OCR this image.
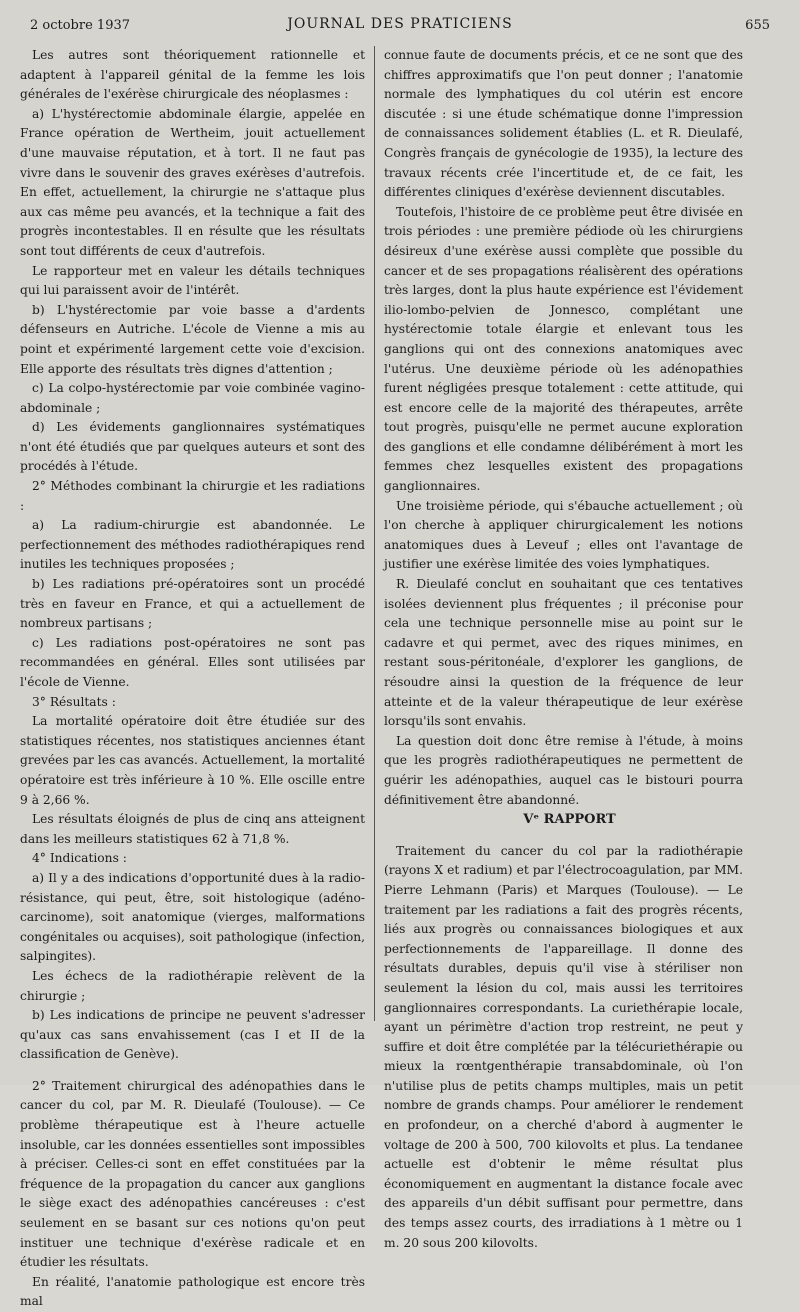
2 octobre 1937	JOURNAL DES PRATICIENS	655

Les autres sont théoriquement rationnelle et adaptent à l'appareil génital de la femme les lois générales de l'exérèse chirurgicale des néoplasmes :

a) L'hystérectomie abdominale élargie, appelée en France opération de Wertheim, jouit actuellement d'une mauvaise réputation, et à tort. Il ne faut pas vivre dans le souvenir des graves exérèses d'autrefois. En effet, actuellement, la chirurgie ne s'attaque plus aux cas même peu avancés, et la technique a fait des progrès incontestables. Il en résulte que les résultats sont tout différents de ceux d'autrefois.

Le rapporteur met en valeur les détails techniques qui lui paraissent avoir de l'intérêt.

b) L'hystérectomie par voie basse a d'ardents défenseurs en Autriche. L'école de Vienne a mis au point et expérimenté largement cette voie d'excision. Elle apporte des résultats très dignes d'attention ;

c) La colpo-hystérectomie par voie combinée vagino-abdominale ;

d) Les évidements ganglionnaires systématiques n'ont été étudiés que par quelques auteurs et sont des procédés à l'étude.

2° Méthodes combinant la chirurgie et les radiations :

a) La radium-chirurgie est abandonnée. Le perfectionnement des méthodes radiothérapiques rend inutiles les techniques proposées ;

b) Les radiations pré-opératoires sont un procédé très en faveur en France, et qui a actuellement de nombreux partisans ;

c) Les radiations post-opératoires ne sont pas recommandées en général. Elles sont utilisées par l'école de Vienne.

3° Résultats :

La mortalité opératoire doit être étudiée sur des statistiques récentes, nos statistiques anciennes étant grevées par les cas avancés. Actuellement, la mortalité opératoire est très inférieure à 10 %. Elle oscille entre 9 à 2,66 %.

Les résultats éloignés de plus de cinq ans atteignent dans les meilleurs statistiques 62 à 71,8 %.

4° Indications :

a) Il y a des indications d'opportunité dues à la radio-résistance, qui peut, être, soit histologique (adéno-carcinome), soit anatomique (vierges, malformations congénitales ou acquises), soit pathologique (infection, salpingites).

Les échecs de la radiothérapie relèvent de la chirurgie ;

b) Les indications de principe ne peuvent s'adresser qu'aux cas sans envahissement (cas I et II de la classification de Genève).

2° Traitement chirurgical des adénopathies dans le cancer du col, par M. R. Dieulafé (Toulouse). — Ce problème thérapeutique est à l'heure actuelle insoluble, car les données essentielles sont impossibles à préciser. Celles-ci sont en effet constituées par la fréquence de la propagation du cancer aux ganglions le siège exact des adénopathies cancéreuses : c'est seulement en se basant sur ces notions qu'on peut instituer une technique d'exérèse radicale et en étudier les résultats.

En réalité, l'anatomie pathologique est encore très mal

connue faute de documents précis, et ce ne sont que des chiffres approximatifs que l'on peut donner ; l'anatomie normale des lymphatiques du col utérin est encore discutée : si une étude schématique donne l'impression de connaissances solidement établies (L. et R. Dieulafé, Congrès français de gynécologie de 1935), la lecture des travaux récents crée l'incertitude et, de ce fait, les différentes cliniques d'exérèse deviennent discutables.

Toutefois, l'histoire de ce problème peut être divisée en trois périodes : une première pédiode où les chirurgiens désireux d'une exérèse aussi complète que possible du cancer et de ses propagations réalisèrent des opérations très larges, dont la plus haute expérience est l'évidement ilio-lombo-pelvien de Jonnesco, complétant une hystérectomie totale élargie et enlevant tous les ganglions qui ont des connexions anatomiques avec l'utérus. Une deuxième période où les adénopathies furent négligées presque totalement : cette attitude, qui est encore celle de la majorité des thérapeutes, arrête tout progrès, puisqu'elle ne permet aucune exploration des ganglions et elle condamne délibérément à mort les femmes chez lesquelles existent des propagations ganglionnaires.

Une troisième période, qui s'ébauche actuellement ; où l'on cherche à appliquer chirurgicalement les notions anatomiques dues à Leveuf ; elles ont l'avantage de justifier une exérèse limitée des voies lymphatiques.

R. Dieulafé conclut en souhaitant que ces tentatives isolées deviennent plus fréquentes ; il préconise pour cela une technique personnelle mise au point sur le cadavre et qui permet, avec des riques minimes, en restant sous-péritonéale, d'explorer les ganglions, de résoudre ainsi la question de la fréquence de leur atteinte et de la valeur thérapeutique de leur exérèse lorsqu'ils sont envahis.

La question doit donc être remise à l'étude, à moins que les progrès radiothérapeutiques ne permettent de guérir les adénopathies, auquel cas le bistouri pourra définitivement être abandonné.

Vᵉ RAPPORT

Traitement du cancer du col par la radiothérapie (rayons X et radium) et par l'électrocoagulation, par MM. Pierre Lehmann (Paris) et Marques (Toulouse). — Le traitement par les radiations a fait des progrès récents, liés aux progrès ou connaissances biologiques et aux perfectionnements de l'appareillage. Il donne des résultats durables, depuis qu'il vise à stériliser non seulement la lésion du col, mais aussi les territoires ganglionnaires correspondants. La curiethérapie locale, ayant un périmètre d'action trop restreint, ne peut y suffire et doit être complétée par la télécuriethérapie ou mieux la rœntgenthérapie transabdominale, où l'on n'utilise plus de petits champs multiples, mais un petit nombre de grands champs. Pour améliorer le rendement en profondeur, on a cherché d'abord à augmenter le voltage de 200 à 500, 700 kilovolts et plus. La tendanee actuelle est d'obtenir le même résultat plus économiquement en augmentant la distance focale avec des appareils d'un débit suffisant pour permettre, dans des temps assez courts, des irradiations à 1 mètre ou 1 m. 20 sous 200 kilovolts.
